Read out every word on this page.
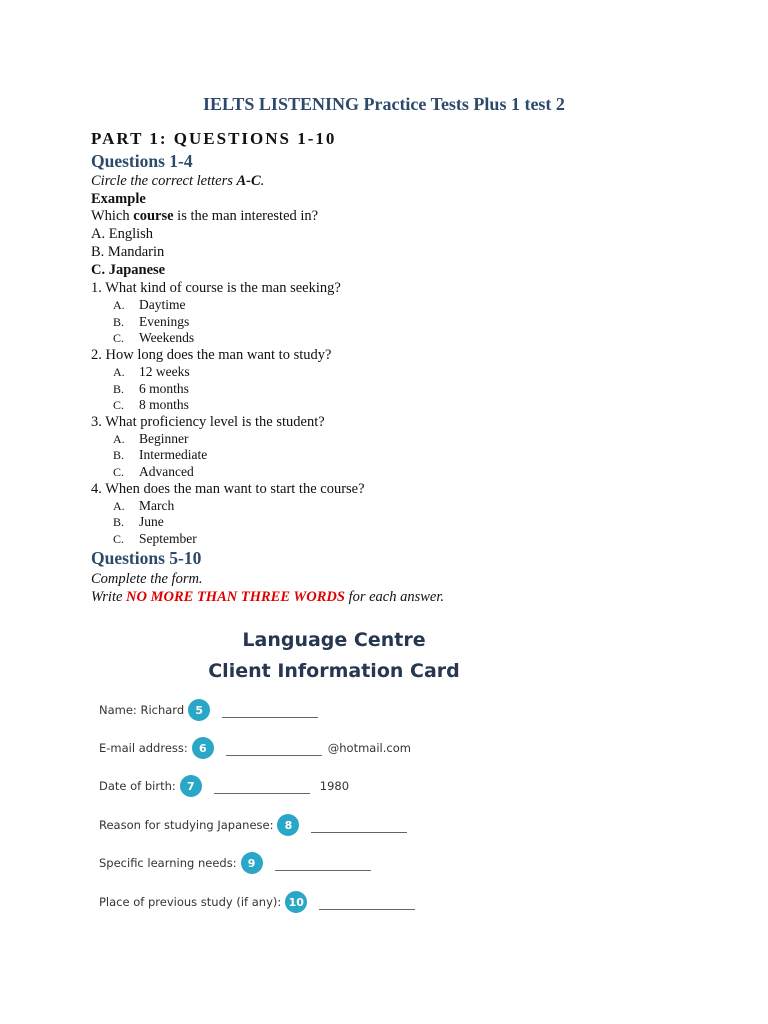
IELTS LISTENING Practice Tests Plus 1 test 2
PART 1: QUESTIONS 1-10
Questions 1-4
Circle the correct letters A-C.
Example
Which course is the man interested in?
A. English
B. Mandarin
C. Japanese
1. What kind of course is the man seeking?
A. Daytime
B. Evenings
C. Weekends
2. How long does the man want to study?
A. 12 weeks
B. 6 months
C. 8 months
3. What proficiency level is the student?
A. Beginner
B. Intermediate
C. Advanced
4. When does the man want to start the course?
A. March
B. June
C. September
Questions 5-10
Complete the form.
Write NO MORE THAN THREE WORDS for each answer.
Language Centre
Client Information Card
Name: Richard	5
E-mail address:	6	@hotmail.com
Date of birth:	7	1980
Reason for studying Japanese:	8
Specific learning needs:	9
Place of previous study (if any): 10
